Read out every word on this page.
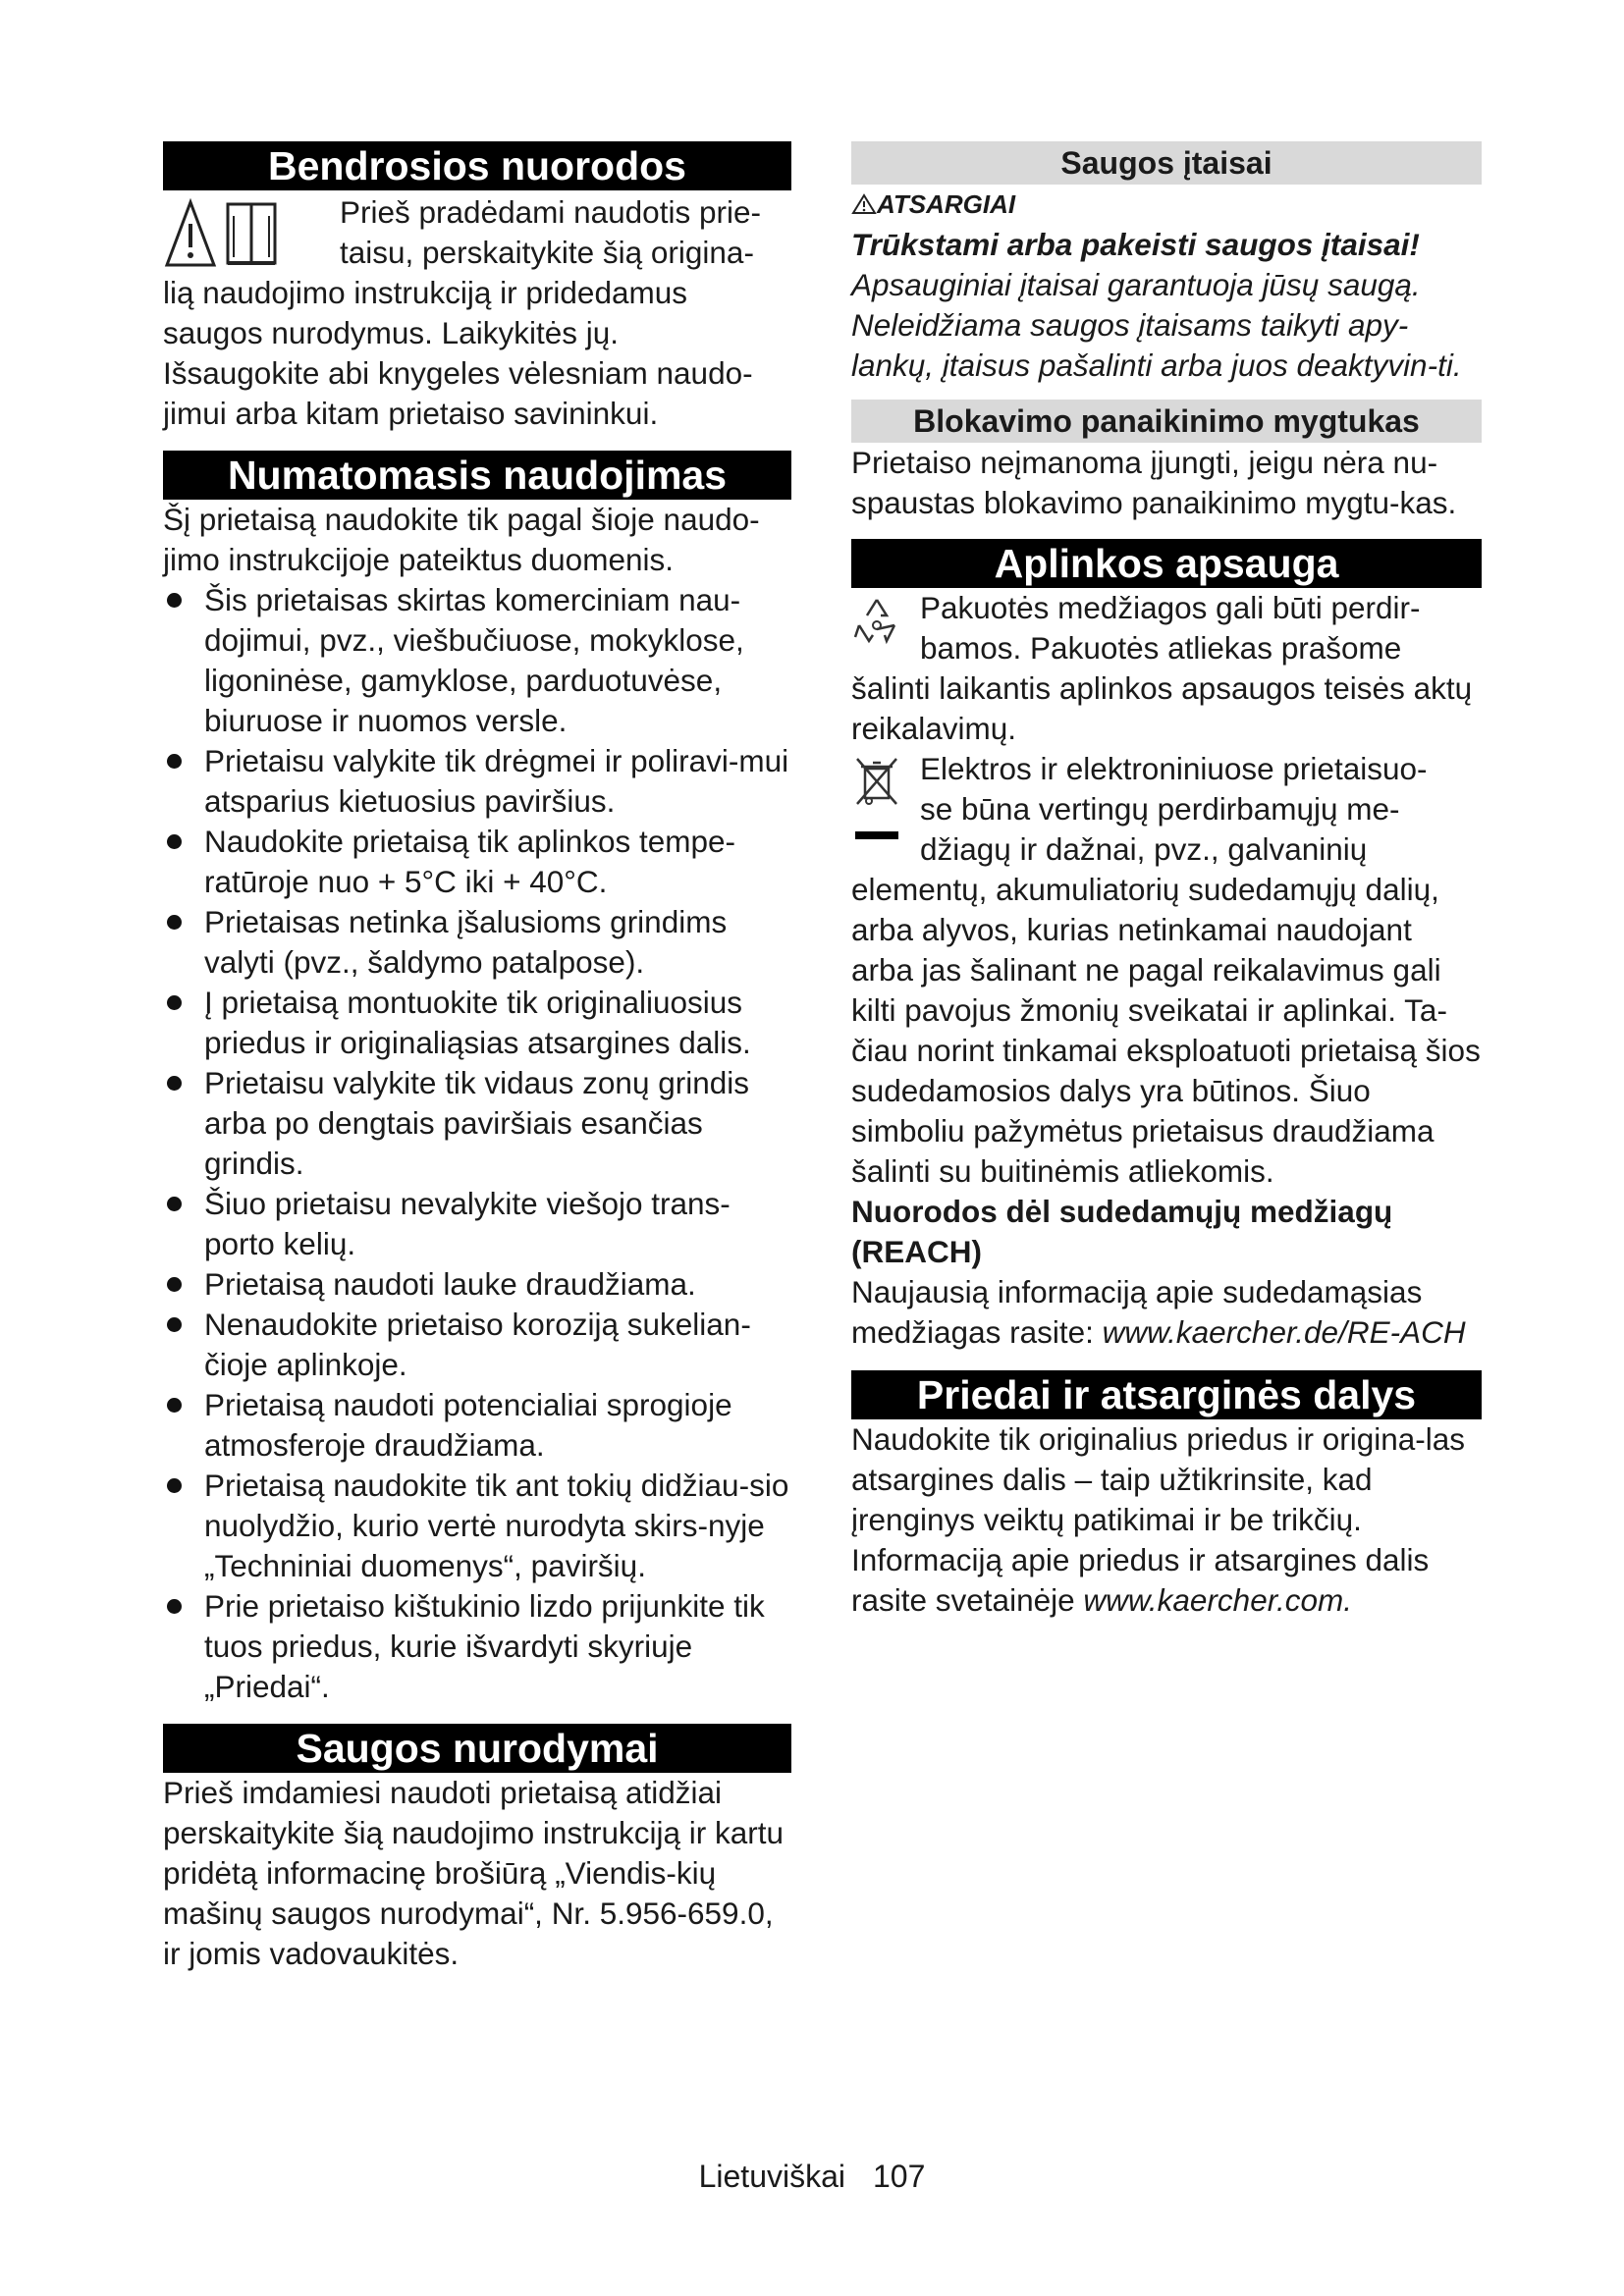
Bendrosios nuorodos

Prieš pradėdami naudotis prie-

taisu, perskaitykite šią origina-

lią naudojimo instrukciją ir pridedamus saugos nurodymus. Laikykitės jų.

Išsaugokite abi knygeles vėlesniam naudo-jimui arba kitam prietaiso savininkui.

Numatomasis naudojimas

Šį prietaisą naudokite tik pagal šioje naudo-jimo instrukcijoje pateiktus duomenis.

Šis prietaisas skirtas komerciniam nau-dojimui, pvz., viešbučiuose, mokyklose, ligoninėse, gamyklose, parduotuvėse, biuruose ir nuomos versle.
Prietaisu valykite tik drėgmei ir poliravi-mui atsparius kietuosius paviršius.
Naudokite prietaisą tik aplinkos tempe-ratūroje nuo + 5°C iki + 40°C.
Prietaisas netinka įšalusioms grindims valyti (pvz., šaldymo patalpose).
Į prietaisą montuokite tik originaliuosius priedus ir originaliąsias atsargines dalis.
Prietaisu valykite tik vidaus zonų grindis arba po dengtais paviršiais esančias grindis.
Šiuo prietaisu nevalykite viešojo trans-porto kelių.
Prietaisą naudoti lauke draudžiama.
Nenaudokite prietaiso koroziją sukelian-čioje aplinkoje.
Prietaisą naudoti potencialiai sprogioje atmosferoje draudžiama.
Prietaisą naudokite tik ant tokių didžiau-sio nuolydžio, kurio vertė nurodyta skirs-nyje „Techniniai duomenys“, paviršių.
Prie prietaiso kištukinio lizdo prijunkite tik tuos priedus, kurie išvardyti skyriuje „Priedai“.
Saugos nurodymai

Prieš imdamiesi naudoti prietaisą atidžiai perskaitykite šią naudojimo instrukciją ir kartu pridėtą informacinę brošiūrą „Viendis-kių mašinų saugos nurodymai“, Nr. 5.956-659.0, ir jomis vadovaukitės.

Saugos įtaisai

ATSARGIAI

Trūkstami arba pakeisti saugos įtaisai!

Apsauginiai įtaisai garantuoja jūsų saugą. Neleidžiama saugos įtaisams taikyti apy-lankų, įtaisus pašalinti arba juos deaktyvin-ti.

Blokavimo panaikinimo mygtukas

Prietaiso neįmanoma įjungti, jeigu nėra nu-spaustas blokavimo panaikinimo mygtu-kas.

Aplinkos apsauga

Pakuotės medžiagos gali būti perdir-

bamos. Pakuotės atliekas prašome

šalinti laikantis aplinkos apsaugos teisės aktų reikalavimų.

Elektros ir elektroniniuose prietaisuo-

se būna vertingų perdirbamųjų me-

džiagų ir dažnai, pvz., galvaninių

elementų, akumuliatorių sudedamųjų dalių, arba alyvos, kurias netinkamai naudojant arba jas šalinant ne pagal reikalavimus gali kilti pavojus žmonių sveikatai ir aplinkai. Ta-čiau norint tinkamai eksploatuoti prietaisą šios sudedamosios dalys yra būtinos. Šiuo simboliu pažymėtus prietaisus draudžiama šalinti su buitinėmis atliekomis.

Nuorodos dėl sudedamųjų medžiagų (REACH)

Naujausią informaciją apie sudedamąsias medžiagas rasite: www.kaercher.de/RE-ACH

Priedai ir atsarginės dalys

Naudokite tik originalius priedus ir origina-las atsargines dalis – taip užtikrinsite, kad įrenginys veiktų patikimai ir be trikčių. Informaciją apie priedus ir atsargines dalis rasite svetainėje www.kaercher.com.

Lietuviškai 107
